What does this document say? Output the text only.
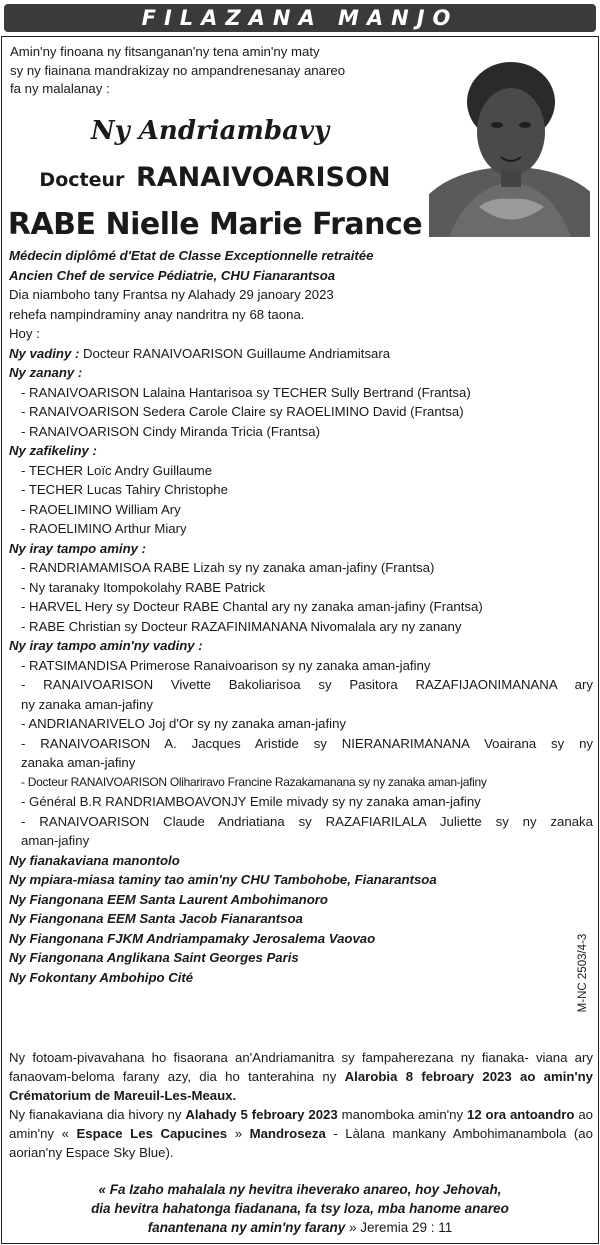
FILAZANA MANJO
Amin'ny finoana ny fitsanganan'ny tena amin'ny maty
sy ny fiainana mandrakizay no ampandrenesanay anareo
fa ny malalanay :
Ny Andriambavy
Docteur RANAIVOARISON
RABE Nielle Marie France

Médecin diplômé d'Etat de Classe Exceptionnelle retraitée

Ancien Chef de service Pédiatrie, CHU Fianarantsoa

Dia niamboho tany Frantsa ny Alahady 29 janoary 2023

rehefa nampindraminy anay nandritra ny 68 taona.

Hoy :

Ny vadiny : Docteur RANAIVOARISON Guillaume Andriamitsara

Ny zanany :

- RANAIVOARISON Lalaina Hantarisoa sy TECHER Sully Bertrand (Frantsa)

- RANAIVOARISON Sedera Carole Claire sy RAOELIMINO David (Frantsa)

- RANAIVOARISON Cindy Miranda Tricia (Frantsa)

Ny zafikeliny :

- TECHER Loïc Andry Guillaume

- TECHER Lucas Tahiry Christophe

- RAOELIMINO William Ary

- RAOELIMINO Arthur Miary

Ny iray tampo aminy :

- RANDRIAMAMISOA RABE Lizah sy ny zanaka aman-jafiny (Frantsa)

- Ny taranaky Itompokolahy RABE Patrick

- HARVEL Hery sy Docteur RABE Chantal ary ny zanaka aman-jafiny (Frantsa)

- RABE Christian sy Docteur RAZAFINIMANANA Nivomalala ary ny zanany

Ny iray tampo amin'ny vadiny :

- RATSIMANDISA Primerose Ranaivoarison sy ny zanaka aman-jafiny

- RANAIVOARISON Vivette Bakoliarisoa sy Pasitora RAZAFIJAONIMANANA ary

ny zanaka aman-jafiny

- ANDRIANARIVELO Joj d'Or sy ny zanaka aman-jafiny

- RANAIVOARISON A. Jacques Aristide sy NIERANARIMANANA Voairana sy ny

zanaka aman-jafiny

- Docteur RANAIVOARISON Olihariravo Francine Razakamanana sy ny zanaka aman-jafiny

- Général B.R RANDRIAMBOAVONJY Emile mivady sy ny zanaka aman-jafiny

- RANAIVOARISON Claude Andriatiana sy RAZAFIARILALA Juliette sy ny zanaka

aman-jafiny

Ny fianakaviana manontolo

Ny mpiara-miasa taminy tao amin'ny CHU Tambohobe, Fianarantsoa

Ny Fiangonana EEM Santa Laurent Ambohimanoro

Ny Fiangonana EEM Santa Jacob Fianarantsoa

Ny Fiangonana FJKM Andriampamaky Jerosalema Vaovao

Ny Fiangonana Anglikana Saint Georges Paris

Ny Fokontany Ambohipo Cité	M-NC 2503/4-3

Ny fotoam-pivavahana ho fisaorana an'Andriamanitra sy fampaherezana ny fianaka- viana ary fanaovam-beloma farany azy, dia ho tanterahina ny Alarobia 8 febroary 2023 ao amin'ny Crématorium de Mareuil-Les-Meaux.

Ny fianakaviana dia hivory ny Alahady 5 febroary 2023 manomboka amin'ny 12 ora antoandro ao amin'ny « Espace Les Capucines » Mandroseza - Làlana mankany Ambohimanambola (ao aorian'ny Espace Sky Blue).

« Fa Izaho mahalala ny hevitra iheverako anareo, hoy Jehovah,
dia hevitra hahatonga fiadanana, fa tsy loza, mba hanome anareo
fanantenana ny amin'ny farany » Jeremia 29 : 11
